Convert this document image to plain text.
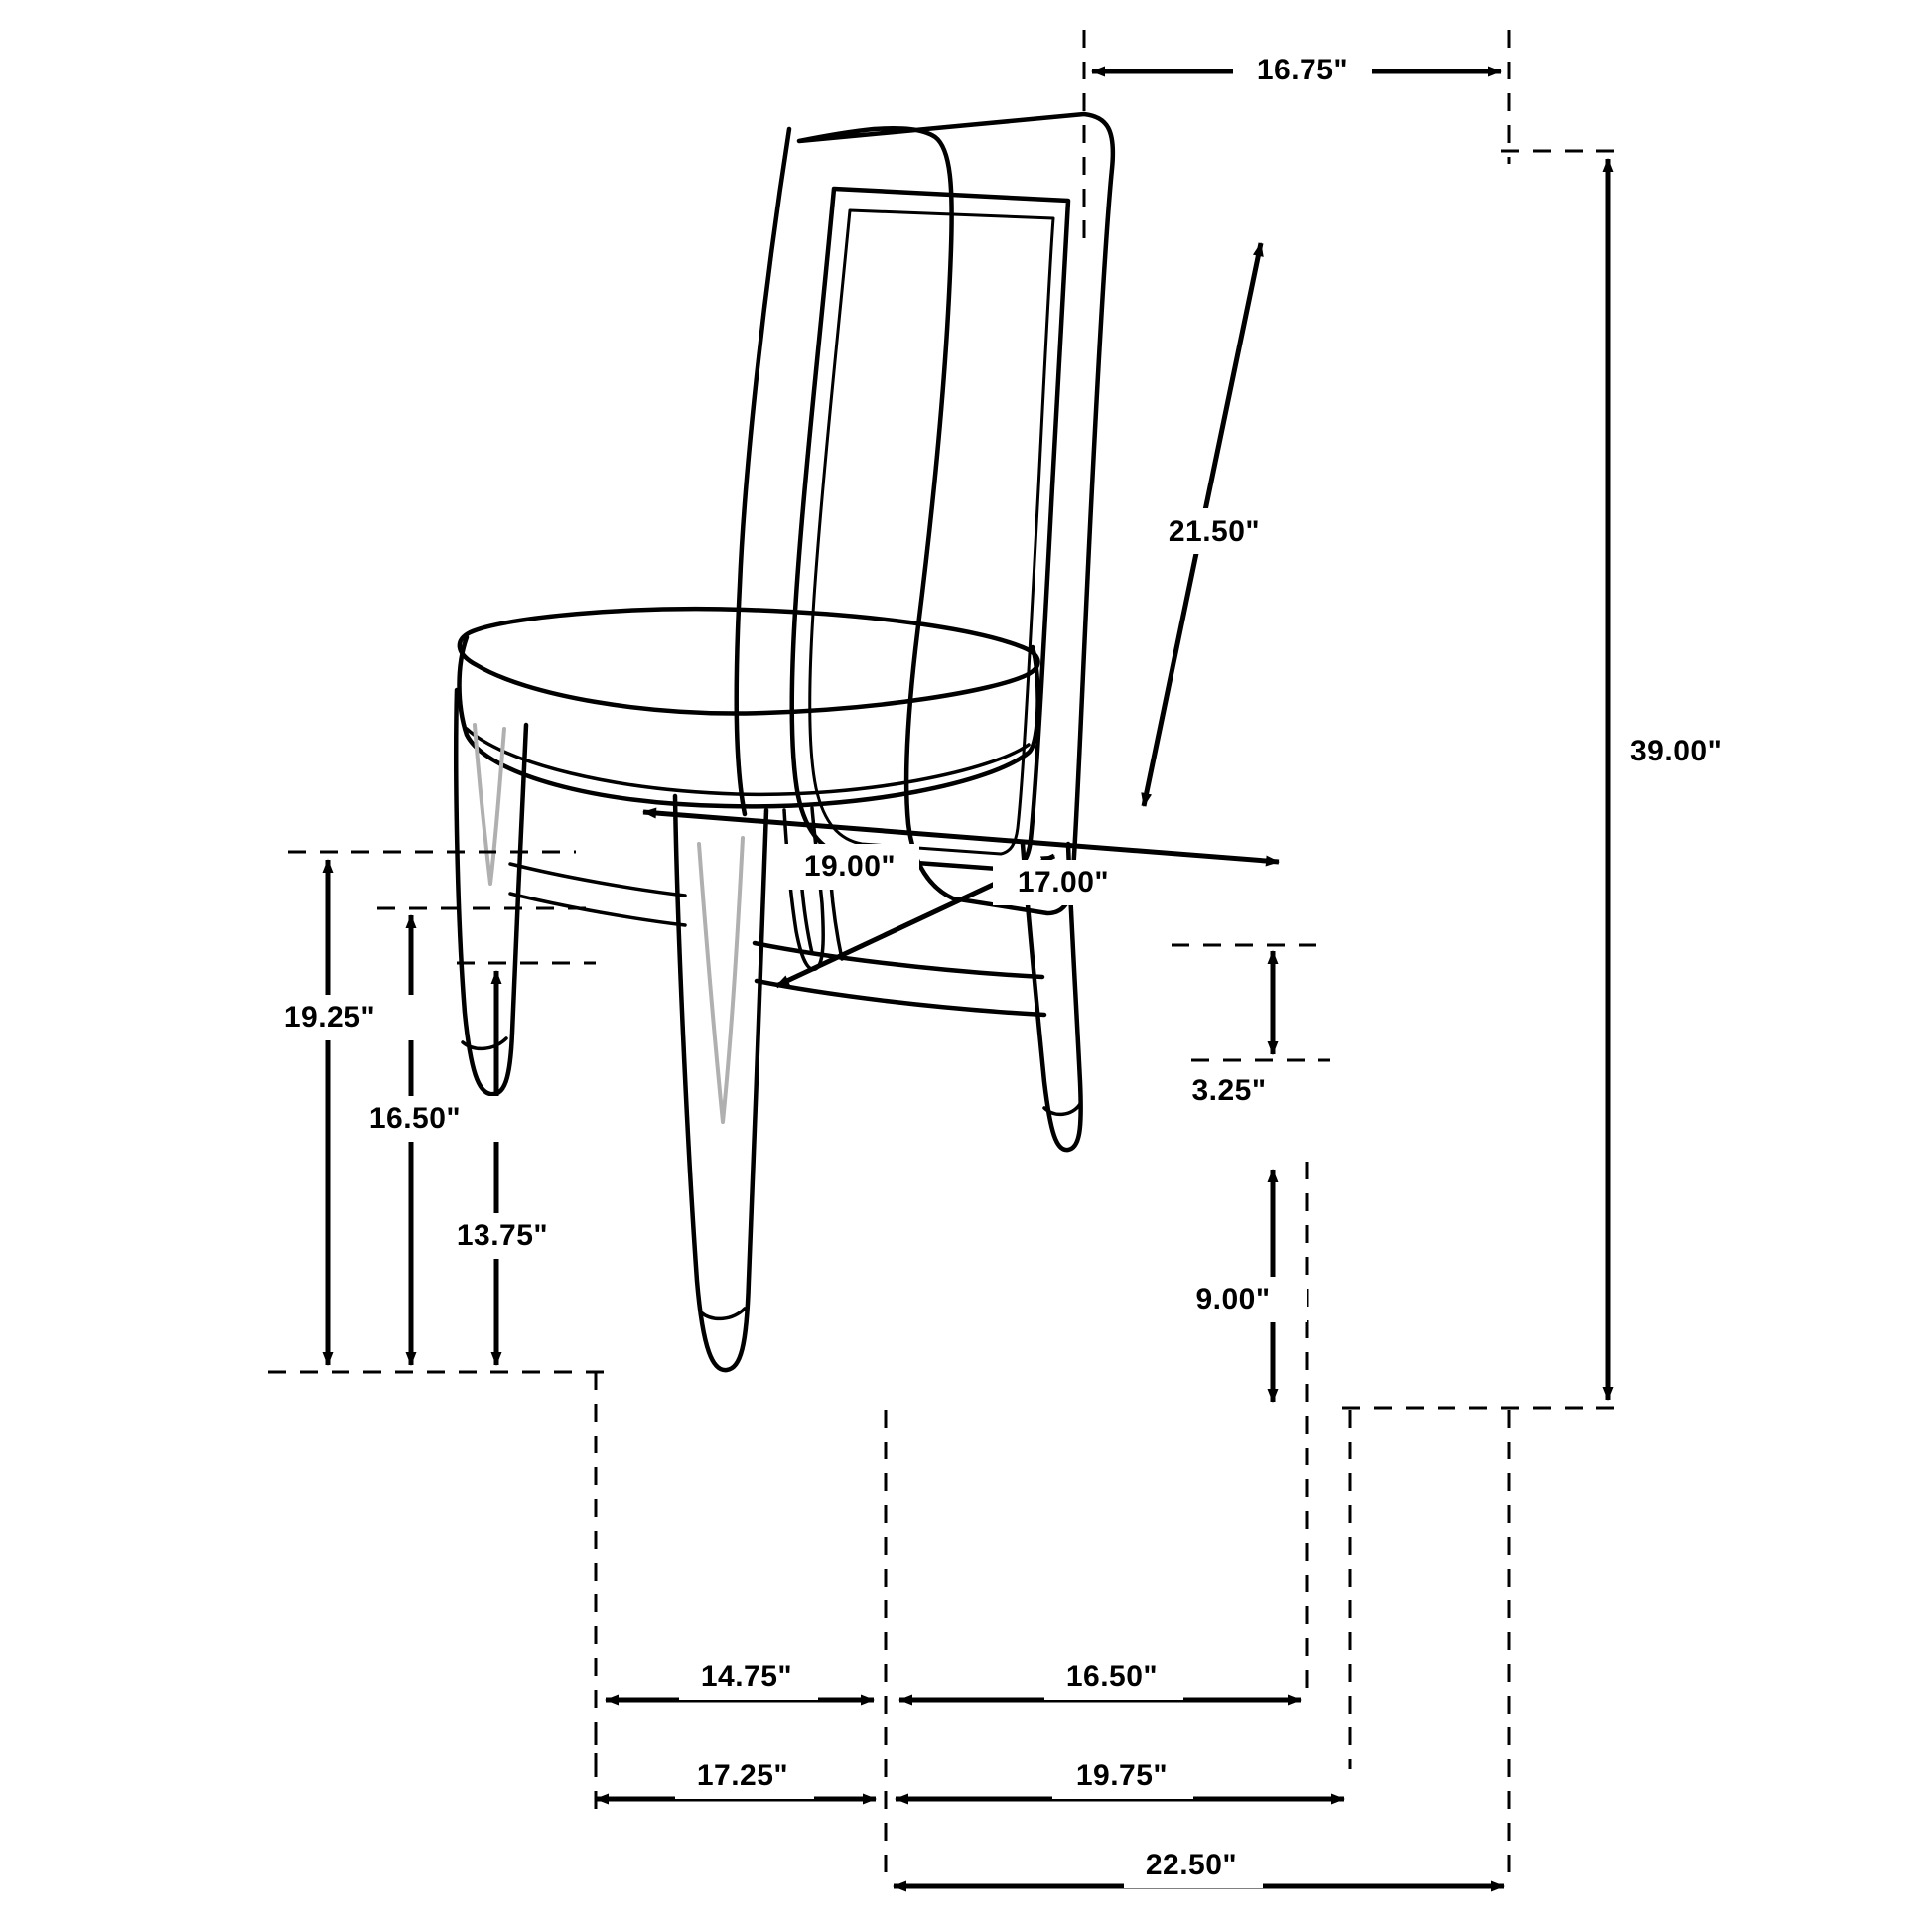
16.75"
21.50"
39.00"
19.00"	17.00"
19.25"
16.50"
13.75"
3.25"
9.00"
14.75"	16.50"
17.25"	19.75"
22.50"
